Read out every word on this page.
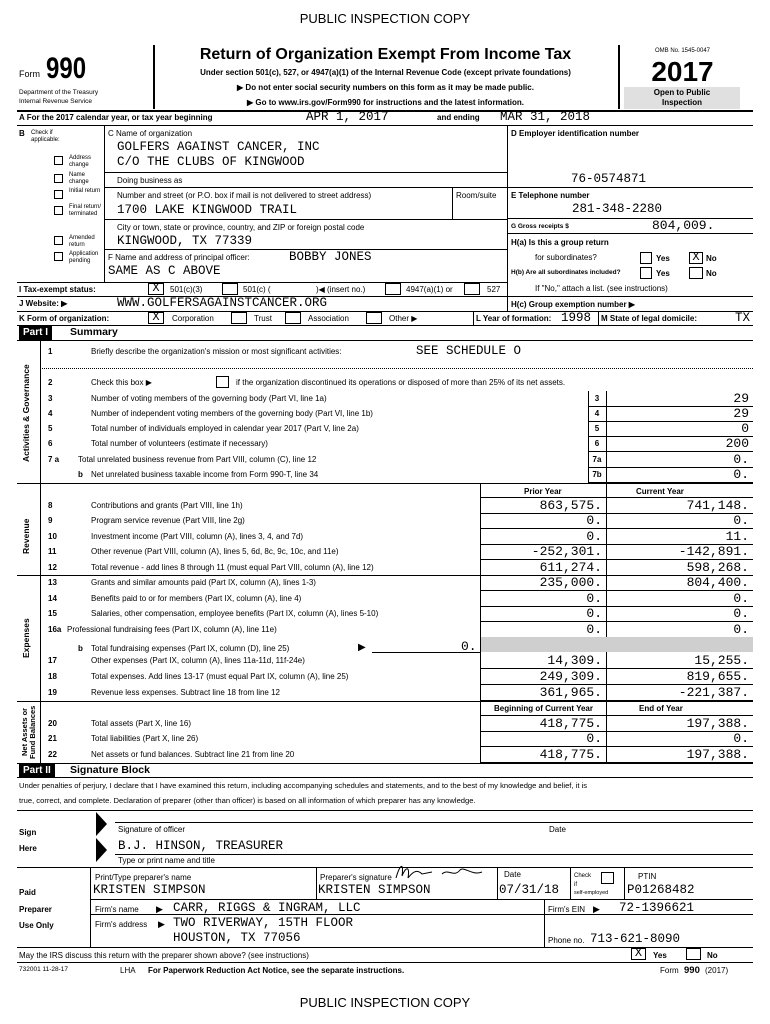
PUBLIC INSPECTION COPY
Form 990
Department of the Treasury
Internal Revenue Service
Return of Organization Exempt From Income Tax
Under section 501(c), 527, or 4947(a)(1) of the Internal Revenue Code (except private foundations)
▶ Do not enter social security numbers on this form as it may be made public.
▶ Go to www.irs.gov/Form990 for instructions and the latest information.
OMB No. 1545-0047
2017
Open to Public
Inspection
A For the 2017 calendar year, or tax year beginning	APR 1, 2017	and ending MAR 31, 2018
B Check if
applicable:
Address change
Name change
Initial return
Final return/ terminated
Amended return
Application pending
C Name of organization
GOLFERS AGAINST CANCER, INC
C/O THE CLUBS OF KINGWOOD
Doing business as
Number and street (or P.O. box if mail is not delivered to street address)	Room/suite
1700 LAKE KINGWOOD TRAIL
City or town, state or province, country, and ZIP or foreign postal code
KINGWOOD, TX 77339
F Name and address of principal officer:	BOBBY JONES
SAME AS C ABOVE
D Employer identification number
76-0574871
E Telephone number
281-348-2280
G Gross receipts $	804,009.
H(a) Is this a group return
for subordinates?	Yes X No
H(b) Are all subordinates included?	Yes	No
If "No," attach a list. (see instructions)
H(c) Group exemption number ▶
I Tax-exempt status:	X	501(c)(3)	501(c) (	)◀ (insert no.)	4947(a)(1) or	527
J Website: ▶	WWW.GOLFERSAGAINSTCANCER.ORG
K Form of organization:	X	Corporation	Trust	Association	Other ▶	L Year of formation: 1998 M State of legal domicile:	TX
Part I	Summary
Activities & Governance
Revenue
Expenses
Net Assets or Fund Balances
1	Briefly describe the organization's mission or most significant activities:	SEE SCHEDULE O
2	Check this box ▶	if the organization discontinued its operations or disposed of more than 25% of its net assets.
3	Number of voting members of the governing body (Part VI, line 1a)	3	29
4	Number of independent voting members of the governing body (Part VI, line 1b)	4	29
5	Total number of individuals employed in calendar year 2017 (Part V, line 2a)	5	0
6	Total number of volunteers (estimate if necessary)	6	200
7 a Total unrelated business revenue from Part VIII, column (C), line 12	7a	0.
b Net unrelated business taxable income from Form 990-T, line 34	7b	0.
Prior Year	Current Year
8	Contributions and grants (Part VIII, line 1h)	863,575.	741,148.
9	Program service revenue (Part VIII, line 2g)	0.	0.
10	Investment income (Part VIII, column (A), lines 3, 4, and 7d)	0.	11.
11	Other revenue (Part VIII, column (A), lines 5, 6d, 8c, 9c, 10c, and 11e)	-252,301.	-142,891.
12	Total revenue - add lines 8 through 11 (must equal Part VIII, column (A), line 12)	611,274.	598,268.
13	Grants and similar amounts paid (Part IX, column (A), lines 1-3)	235,000.	804,400.
14	Benefits paid to or for members (Part IX, column (A), line 4)	0.	0.
15	Salaries, other compensation, employee benefits (Part IX, column (A), lines 5-10)	0.	0.
16a Professional fundraising fees (Part IX, column (A), line 11e)	0.	0.
17	Other expenses (Part IX, column (A), lines 11a-11d, 11f-24e)	14,309.	15,255.
18	Total expenses. Add lines 13-17 (must equal Part IX, column (A), line 25)	249,309.	819,655.
19	Revenue less expenses. Subtract line 18 from line 12	361,965.	-221,387.
20	Total assets (Part X, line 16)	418,775.	197,388.
21	Total liabilities (Part X, line 26)	0.	0.
22	Net assets or fund balances. Subtract line 21 from line 20	418,775.	197,388.
b Total fundraising expenses (Part IX, column (D), line 25)	▶	0.
Beginning of Current Year	End of Year
Part II	Signature Block
Under penalties of perjury, I declare that I have examined this return, including accompanying schedules and statements, and to the best of my knowledge and belief, it is
true, correct, and complete. Declaration of preparer (other than officer) is based on all information of which preparer has any knowledge.
Sign
Here
Signature of officer	Date
B.J. HINSON, TREASURER
Type or print name and title
Paid
Preparer
Use Only
Print/Type preparer's name
KRISTEN SIMPSON
Preparer's signature
KRISTEN SIMPSON
Date
07/31/18
Check
if
self-employed
PTIN
P01268482
Firm's name ▶ CARR, RIGGS & INGRAM, LLC	Firm's EIN ▶ 72-1396621
Firm's address ▶ TWO RIVERWAY, 15TH FLOOR
HOUSTON, TX 77056	Phone no. 713-621-8090
May the IRS discuss this return with the preparer shown above? (see instructions)	X	Yes	No
732001 11-28-17	LHA For Paperwork Reduction Act Notice, see the separate instructions.	Form 990 (2017)
PUBLIC INSPECTION COPY
